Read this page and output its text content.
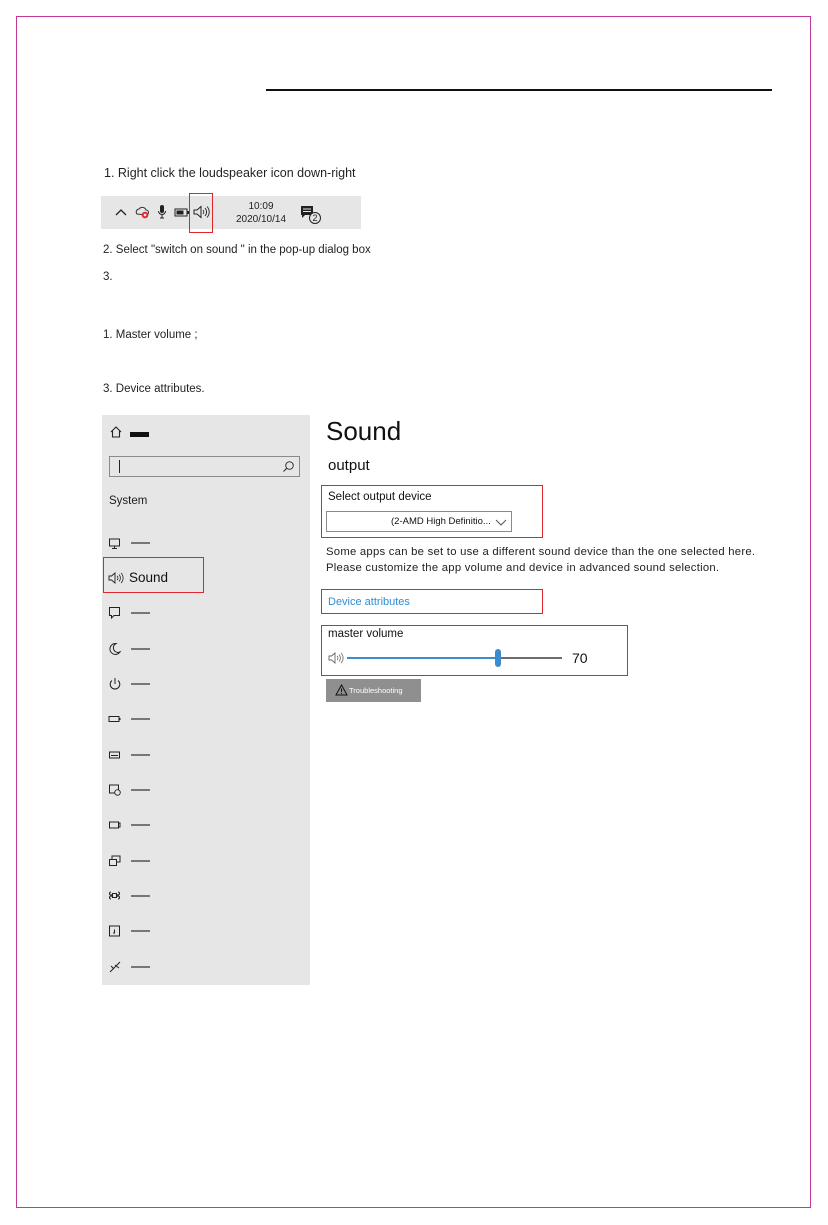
1. Right click the loudspeaker icon down-right
10:09
2020/10/14	2
2. Select "switch on sound " in the pop-up dialog box
3.
1. Master volume ;
3. Device attributes.
System
Sound
Sound
output
Select output device
(2-AMD High Definitio...
Some apps can be set to use a different sound device than the one selected here.
Please customize the app volume and device in advanced sound selection.
Device attributes
master volume
70
Troubleshooting
